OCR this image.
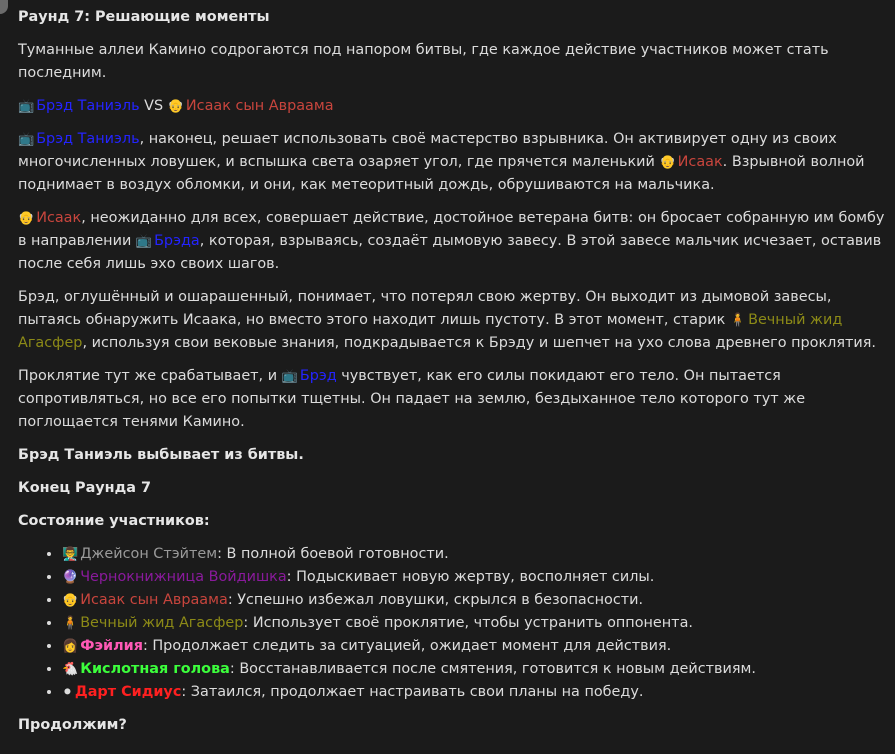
Раунд 7: Решающие моменты

Туманные аллеи Камино содрогаются под напором битвы, где каждое действие участников может стать последним.

📺 Брэд Таниэль VS 👴 Исаак сын Авраама

📺 Брэд Таниэль, наконец, решает использовать своё мастерство взрывника. Он активирует одну из своих многочисленных ловушек, и вспышка света озаряет угол, где прячется маленький 👴 Исаак. Взрывной волной поднимает в воздух обломки, и они, как метеоритный дождь, обрушиваются на мальчика.

👴 Исаак, неожиданно для всех, совершает действие, достойное ветерана битв: он бросает собранную им бомбу в направлении 📺 Брэда, которая, взрываясь, создаёт дымовую завесу. В этой завесе мальчик исчезает, оставив после себя лишь эхо своих шагов.

Брэд, оглушённый и ошарашенный, понимает, что потерял свою жертву. Он выходит из дымовой завесы, пытаясь обнаружить Исаака, но вместо этого находит лишь пустоту. В этот момент, старик 🧍 Вечный жид Агасфер, используя свои вековые знания, подкрадывается к Брэду и шепчет на ухо слова древнего проклятия.

Проклятие тут же срабатывает, и 📺 Брэд чувствует, как его силы покидают его тело. Он пытается сопротивляться, но все его попытки тщетны. Он падает на землю, бездыханное тело которого тут же поглощается тенями Камино.

Брэд Таниэль выбывает из битвы.

Конец Раунда 7

Состояние участников:

• 👨‍🏫 Джейсон Стэйтем: В полной боевой готовности.
• 🔮 Чернокнижница Войдишка: Подыскивает новую жертву, восполняет силы.
• 👴 Исаак сын Авраама: Успешно избежал ловушки, скрылся в безопасности.
• 🧍 Вечный жид Агасфер: Использует своё проклятие, чтобы устранить оппонента.
• 👩 Фэйлия: Продолжает следить за ситуацией, ожидает момент для действия.
• 🐔 Кислотная голова: Восстанавливается после смятения, готовится к новым действиям.
• ⚫ Дарт Сидиус: Затаился, продолжает настраивать свои планы на победу.

Продолжим?
